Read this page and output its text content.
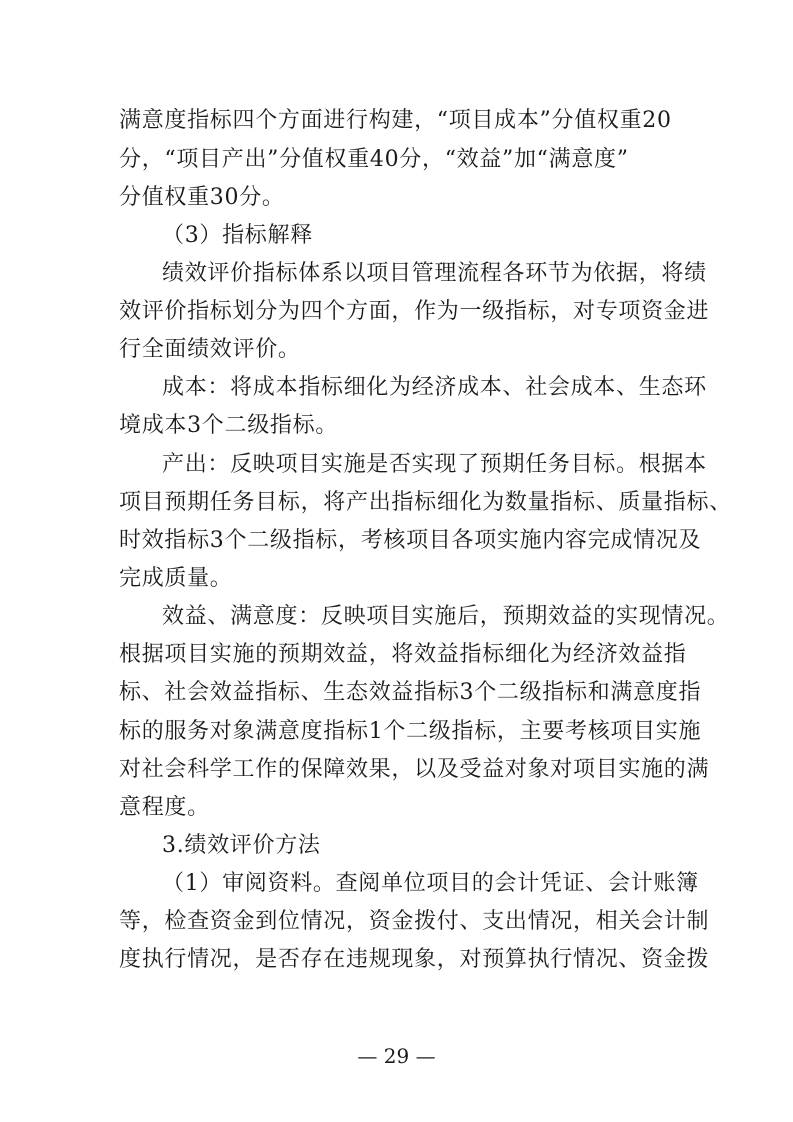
满意度指标四个方面进行构建，“项目成本”分值权重20
分，“项目产出”分值权重40分，“效益”加“满意度”
分值权重30分。
（3）指标解释
绩效评价指标体系以项目管理流程各环节为依据，将绩
效评价指标划分为四个方面，作为一级指标，对专项资金进
行全面绩效评价。
成本：将成本指标细化为经济成本、社会成本、生态环
境成本3个二级指标。
产出：反映项目实施是否实现了预期任务目标。根据本
项目预期任务目标，将产出指标细化为数量指标、质量指标、
时效指标3个二级指标，考核项目各项实施内容完成情况及
完成质量。
效益、满意度：反映项目实施后，预期效益的实现情况。
根据项目实施的预期效益，将效益指标细化为经济效益指
标、社会效益指标、生态效益指标3个二级指标和满意度指
标的服务对象满意度指标1个二级指标，主要考核项目实施
对社会科学工作的保障效果，以及受益对象对项目实施的满
意程度。
3.绩效评价方法
（1）审阅资料。查阅单位项目的会计凭证、会计账簿
等，检查资金到位情况，资金拨付、支出情况，相关会计制
度执行情况，是否存在违规现象，对预算执行情况、资金拨
— 29 —
